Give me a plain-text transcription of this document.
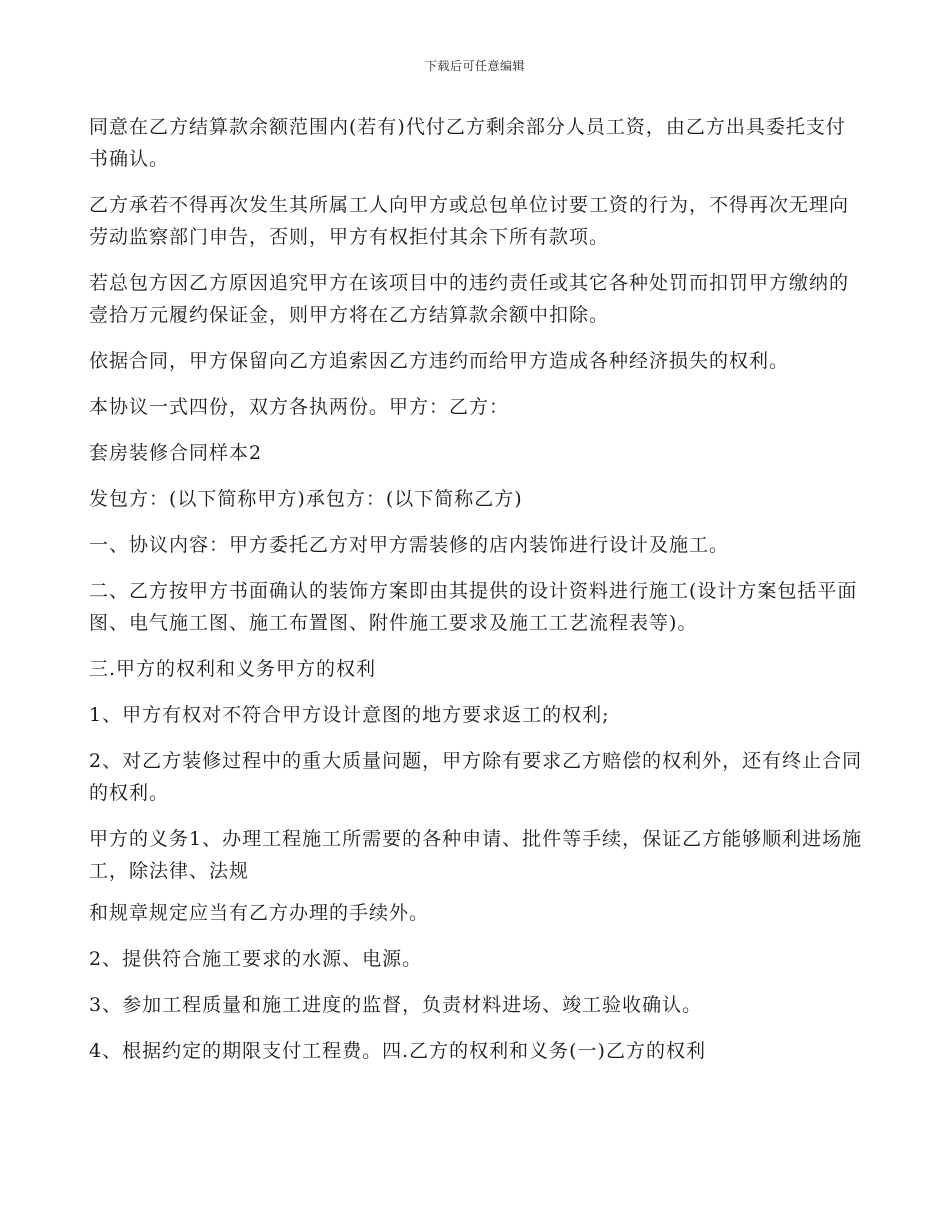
下载后可任意编辑

同意在乙方结算款余额范围内(若有)代付乙方剩余部分人员工资，由乙方出具委托支付书确认。

乙方承若不得再次发生其所属工人向甲方或总包单位讨要工资的行为，不得再次无理向劳动监察部门申告，否则，甲方有权拒付其余下所有款项。

若总包方因乙方原因追究甲方在该项目中的违约责任或其它各种处罚而扣罚甲方缴纳的壹拾万元履约保证金，则甲方将在乙方结算款余额中扣除。

依据合同，甲方保留向乙方追索因乙方违约而给甲方造成各种经济损失的权利。

本协议一式四份，双方各执两份。甲方：乙方：

套房装修合同样本2

发包方：(以下简称甲方)承包方：(以下简称乙方)

一、协议内容：甲方委托乙方对甲方需装修的店内装饰进行设计及施工。

二、乙方按甲方书面确认的装饰方案即由其提供的设计资料进行施工(设计方案包括平面图、电气施工图、施工布置图、附件施工要求及施工工艺流程表等)。

三.甲方的权利和义务甲方的权利

1、甲方有权对不符合甲方设计意图的地方要求返工的权利;

2、对乙方装修过程中的重大质量问题，甲方除有要求乙方赔偿的权利外，还有终止合同的权利。

甲方的义务1、办理工程施工所需要的各种申请、批件等手续，保证乙方能够顺利进场施工，除法律、法规

和规章规定应当有乙方办理的手续外。

2、提供符合施工要求的水源、电源。

3、参加工程质量和施工进度的监督，负责材料进场、竣工验收确认。

4、根据约定的期限支付工程费。四.乙方的权利和义务(一)乙方的权利
